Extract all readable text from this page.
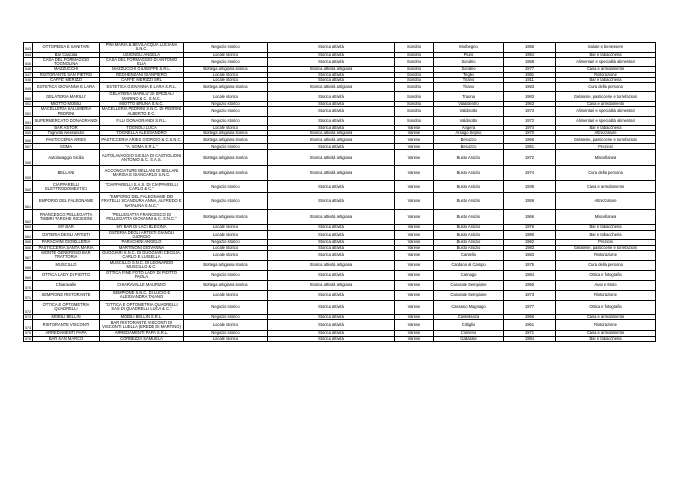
543	OTTOPEDIA E SANITARI	PINI MARIA & BEVILACQUA LUCIANA S.N.C.	Negozio storico	Storica attività	Sondrio	Morbegno	1955	Salute e benessere
544	Bar Cascata	USIGNOLI ANGELA	Locale storico	Storica attività	Sondrio	Piuro	1954	Bar e tabaccheria
545	CASA DEL FORMAGGIO TOGNOLINA	CASA DEL FORMAGGIO DI ANTONIO ELIA	Negozio storico	Storica attività	Sondrio	Sondrio	1958	Alimentari e specialità alimentari
546	MAZZUCCHI	MAZZUCCHI GIUSEPPE S.R.L.	Bottega artigiana storica	Storica attività artigiana	Sondrio	Sondrio	1977	Casa e arredamento
547	RISTORANTE SAN PIETRO	REGHENZANI GIANPIERO	Locale storico	Storica attività	Sondrio	Teglio	1981	Ristorazione
548	CAFFE' MERIZZI	CAFFE' MERIZZI SRL	Locale storico	Storica attività	Sondrio	Tirano	1911	Bar e tabaccheria
549	ESTETICA GIOVANNA E LARA	ESTETICA GIOVANNA E LARA S.R.L.	Bottega artigiana storica	Storica attività artigiana	Sondrio	Tirano	1983	Cura della persona
550	GELATERIA MARILU'	GELATERIA MARILU' DI SPEZIALI MARINO & C. S.N.C.	Locale storico	Storica attività	Sondrio	Traona	1983	Gelaterie, pasticcerie e torrefazioni
551	MIOTTO MOBILI	MIOTTO BRUNA S.N.C.	Negozio storico	Storica attività	Sondrio	Valdidentro	1963	Casa e arredamento
552	MACELLERIA SALUMERIA PEDRINI	MACELLERIA PEDRINI S.N.C. DI PEDRINI ALBERTO E C.	Negozio storico	Storica attività	Sondrio	Valdisotto	1973	Alimentari e specialità alimentari
553	SUPERMERCATO DONAGRANDI	F.LLI DONAGRANDI S.R.L.	Negozio storico	Storica attività	Sondrio	Valdisotto	1972	Alimentari e specialità alimentari
554	BAR ASTOR	TOGNOLI LUCA	Locale storico	Storica attività	Varese	Angera	1974	Bar e tabaccheria
555	Tognella Alessandro	TOGNELLA ALESSANDRO	Bottega artigiana storica	Storica attività artigiana	Varese	Arsago Seprio	1970	Attrezzature
556	PASTICCERIA ARIES	PASTICCERIA ARIES GIORGIO & C.S.N.C.	Bottega artigiana storica	Storica attività artigiana	Varese	Besozzo	1966	Gelaterie, pasticcerie e torrefazioni
557	SOMA	"A. SOMA S.R.L."	Negozio storico	Storica attività	Varese	Besozzo	1951	Preziosi
558	Autolavaggio Sicilia	AUTOLAVAGGIO SICILIA DI CASTIGLIONI ANTONIO & C. S.A.S.	Bottega artigiana storica	Storica attività artigiana	Varese	Busto Arsizio	1972	Miscellanea
559	BELLANI	ACCONCIATURE BELLANI DI BELLANI MARISA E GIANCARLO S.N.C.	Bottega artigiana storica	Storica attività artigiana	Varese	Busto Arsizio	1974	Cura della persona
560	CIAPPARELLI ELETTRODOMESTICI	"CIAPPARELLI S.A.S. DI CIAPPARELLI CARLO & C."	Negozio storico	Storica attività	Varese	Busto Arsizio	1935	Casa e arredamento
561	EMPORIO DEL FALEGNAME	"EMPORIO DEL FALEGNAME DEI FRATELLI SCANDURA ANNA, ALFREDO E NATALINA S.N.C."	Negozio storico	Storica attività	Varese	Busto Arsizio	1959	Attrezzature
562	FRANCESCO PELLEGATTA TIMBRI TARGHE INCISIONI	"PELLEGATTA FRANCESCO DI PELLEGATTA GIOVANNI & C. S.N.C."	Bottega artigiana storica	Storica attività artigiana	Varese	Busto Arsizio	1966	Miscellanea
563	MY BAR	MY BAR DI LACI BLEGINA	Locale storico	Storica attività	Varese	Busto Arsizio	1976	Bar e tabaccheria
564	OSTERIA DEGLI ARTISTI	OSTERIA DEGLI ARTISTI GIANOLI GIORGIO	Locale storico	Storica attività	Varese	Busto Arsizio	1980	Bar e tabaccheria
565	PARACHINI GIOIELLERIA	PARACHINI ANGELO	Negozio storico	Storica attività	Varese	Busto Arsizio	1962	Preziosi
566	PASTICCERIA SANTA MARIA	MARTINONI GIOVANNA	Locale storico	Storica attività	Varese	Busto Arsizio	1983	Gelaterie, pasticcerie e torrefazioni
567	MONTE GENEROSO BAR TRATTORIA	GUGGIARI S.N.C. DI GUGGIARI CECILIA, CARLO E LUISELLA	Locale storico	Storica attività	Varese	Cantello	1983	Ristorazione
568	MUSCILLO	MUSCILLO S.N.C. DI LEONARDO MUSCILLO & C.	Bottega artigiana storica	Storica attività artigiana	Varese	Cardano al Campo	1975	Cura della persona
569	OTTICA LADY DI PIOTTO	OTTICA FINE FOTO LADY DI PIOTTO PAOLA	Negozio storico	Storica attività	Varese	Carnago	1984	Ottica e fotografia
570	Chiaravalle	CHIARAVALLE MAURIZIO	Bottega artigiana storica	Storica attività artigiana	Varese	Casorate Sempione	1950	Auto e Moto
571	SEMPIONE RISTORANTE	SEMPIONE S.N.C. DI LUCIO E ALESSANDRA TAIANO	Locale storico	Storica attività	Varese	Casorate Sempione	1973	Ristorazione
572	OTTICA E OPTOMETRIA QUADRELLI	"OTTICA E OPTOMETRIA QUADRELLI SAS DI QUADRELLI LUCA & C."	Negozio storico	Storica attività	Varese	Cassano Magnago	1977	Ottica e fotografia
573	MOBILI BELLIN	MOBILI BELLIN S.R.L.	Negozio storico	Storica attività	Varese	Castellanza	1966	Casa e arredamento
574	RISTORANTE VISCONTI	BAR RISTORANTE VISCONTI DI VISCONTI LUELLA (EREDE DI MARTINO)	Locale storico	Storica attività	Varese	Cittiglio	1961	Ristorazione
575	ARREDAMENTI PAPA	ARREDAMENTI PAPA S.R.L.	Negozio storico	Storica attività	Varese	Comerio	1971	Casa e arredamento
576	BAR SAN MARCO	CORBEZZA SAMUELA	Locale storico	Storica attività	Varese	Gallarate	1984	Bar e tabaccheria
